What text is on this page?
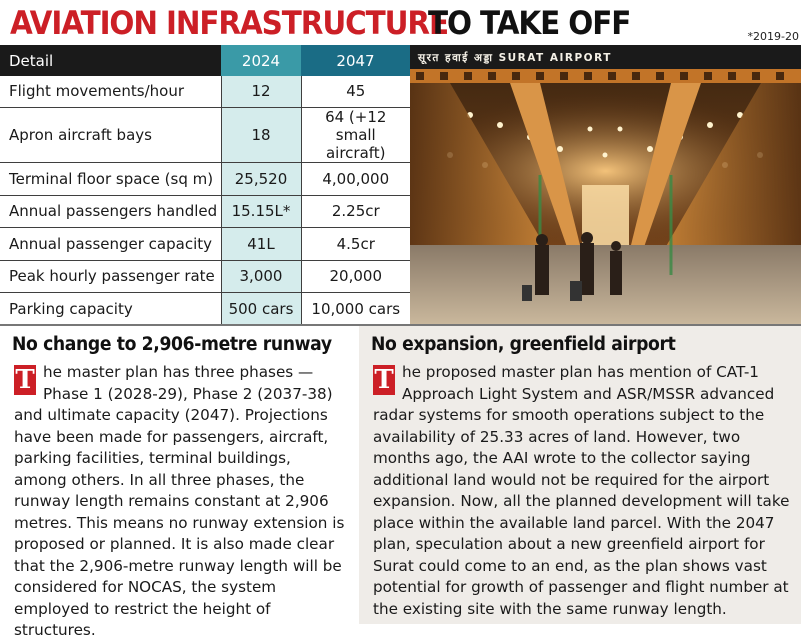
AVIATION INFRASTRUCTURE
TO TAKE OFF	*2019-20
Detail	2024	2047
Flight movements/hour	12	45
Apron aircraft bays	18	64 (+12 small aircraft)
Terminal floor space (sq m)	25,520	4,00,000
Annual passengers handled	15.15L*	2.25cr
Annual passenger capacity	41L	4.5cr
Peak hourly passenger rate	3,000	20,000
Parking capacity	500 cars	10,000 cars
सूरत हवाई अड्डा SURAT AIRPORT
No change to 2,906-metre runway
T he master plan has three phases — Phase 1 (2028-29), Phase 2 (2037-38) and ultimate capacity (2047). Projections have been made for passengers, aircraft, parking facilities, terminal buildings, among others. In all three phases, the runway length remains constant at 2,906 metres. This means no runway extension is proposed or planned. It is also made clear that the 2,906-metre runway length will be considered for NOCAS, the system employed to restrict the height of structures.
No expansion, greenfield airport
T he proposed master plan has mention of CAT-1 Approach Light System and ASR/MSSR advanced radar systems for smooth operations subject to the availability of 25.33 acres of land. However, two months ago, the AAI wrote to the collector saying additional land would not be required for the airport expansion. Now, all the planned development will take place within the available land parcel. With the 2047 plan, speculation about a new greenfield airport for Surat could come to an end, as the plan shows vast potential for growth of passenger and flight number at the existing site with the same runway length.
